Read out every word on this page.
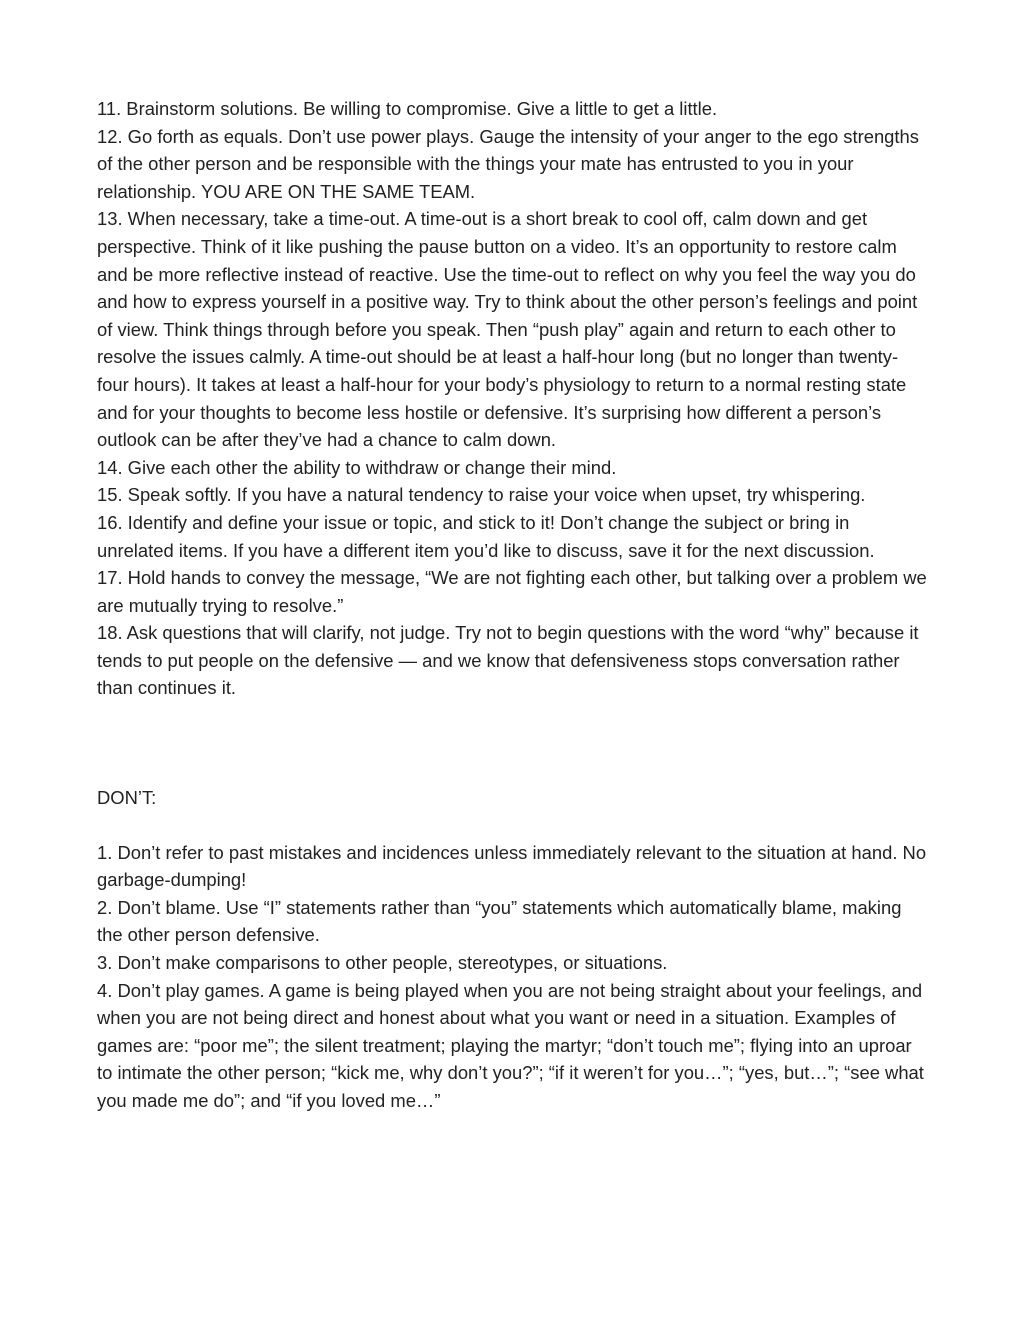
11. Brainstorm solutions. Be willing to compromise. Give a little to get a little.

12. Go forth as equals. Don’t use power plays. Gauge the intensity of your anger to the ego strengths of the other person and be responsible with the things your mate has entrusted to you in your relationship. YOU ARE ON THE SAME TEAM.

13. When necessary, take a time-out. A time-out is a short break to cool off, calm down and get perspective. Think of it like pushing the pause button on a video. It’s an opportunity to restore calm and be more reflective instead of reactive. Use the time-out to reflect on why you feel the way you do and how to express yourself in a positive way. Try to think about the other person’s feelings and point of view. Think things through before you speak. Then “push play” again and return to each other to resolve the issues calmly. A time-out should be at least a half-hour long (but no longer than twenty-four hours). It takes at least a half-hour for your body’s physiology to return to a normal resting state and for your thoughts to become less hostile or defensive. It’s surprising how different a person’s outlook can be after they’ve had a chance to calm down.

14. Give each other the ability to withdraw or change their mind.

15. Speak softly. If you have a natural tendency to raise your voice when upset, try whispering.

16. Identify and define your issue or topic, and stick to it! Don’t change the subject or bring in unrelated items. If you have a different item you’d like to discuss, save it for the next discussion.

17. Hold hands to convey the message, “We are not fighting each other, but talking over a problem we are mutually trying to resolve.”

18. Ask questions that will clarify, not judge. Try not to begin questions with the word “why” because it tends to put people on the defensive — and we know that defensiveness stops conversation rather than continues it.

DON’T:

1. Don’t refer to past mistakes and incidences unless immediately relevant to the situation at hand. No garbage-dumping!

2. Don’t blame. Use “I” statements rather than “you” statements which automatically blame, making the other person defensive.

3. Don’t make comparisons to other people, stereotypes, or situations.

4. Don’t play games. A game is being played when you are not being straight about your feelings, and when you are not being direct and honest about what you want or need in a situation. Examples of games are: “poor me”; the silent treatment; playing the martyr; “don’t touch me”; flying into an uproar to intimate the other person; “kick me, why don’t you?”; “if it weren’t for you…”; “yes, but…”; “see what you made me do”; and “if you loved me…”
